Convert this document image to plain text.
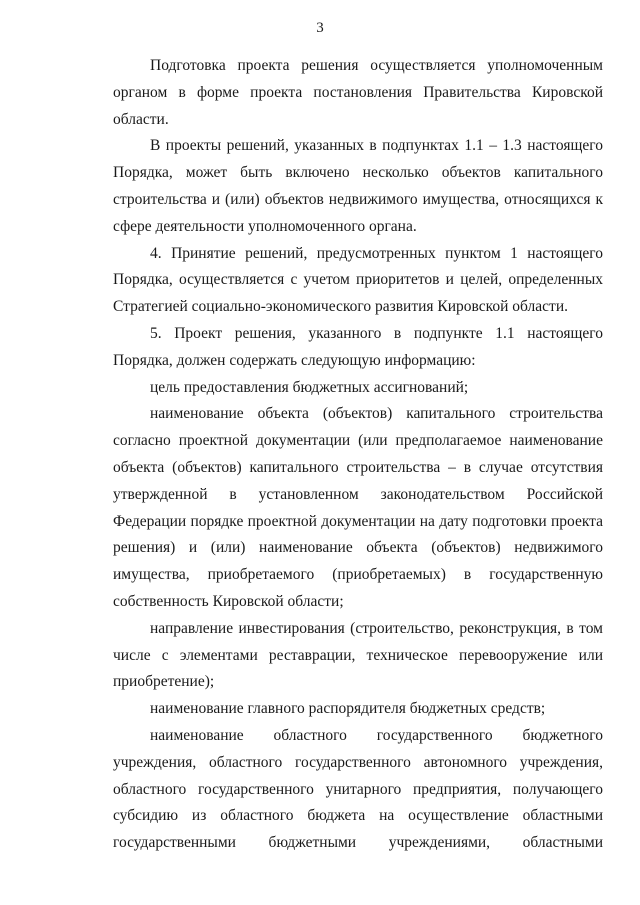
3

Подготовка проекта решения осуществляется уполномоченным органом в форме проекта постановления Правительства Кировской области.

В проекты решений, указанных в подпунктах 1.1 – 1.3 настоящего Порядка, может быть включено несколько объектов капитального строительства и (или) объектов недвижимого имущества, относящихся к сфере деятельности уполномоченного органа.

4. Принятие решений, предусмотренных пунктом 1 настоящего Порядка, осуществляется с учетом приоритетов и целей, определенных Стратегией социально-экономического развития Кировской области.

5. Проект решения, указанного в подпункте 1.1 настоящего Порядка, должен содержать следующую информацию:

цель предоставления бюджетных ассигнований;

наименование объекта (объектов) капитального строительства согласно проектной документации (или предполагаемое наименование объекта (объектов) капитального строительства – в случае отсутствия утвержденной в установленном законодательством Российской Федерации порядке проектной документации на дату подготовки проекта решения) и (или) наименование объекта (объектов) недвижимого имущества, приобретаемого (приобретаемых) в государственную собственность Кировской области;

направление инвестирования (строительство, реконструкция, в том числе с элементами реставрации, техническое перевооружение или приобретение);

наименование главного распорядителя бюджетных средств;

наименование областного государственного бюджетного учреждения, областного государственного автономного учреждения, областного государственного унитарного предприятия, получающего субсидию из областного бюджета на осуществление областными государственными бюджетными учреждениями, областными
